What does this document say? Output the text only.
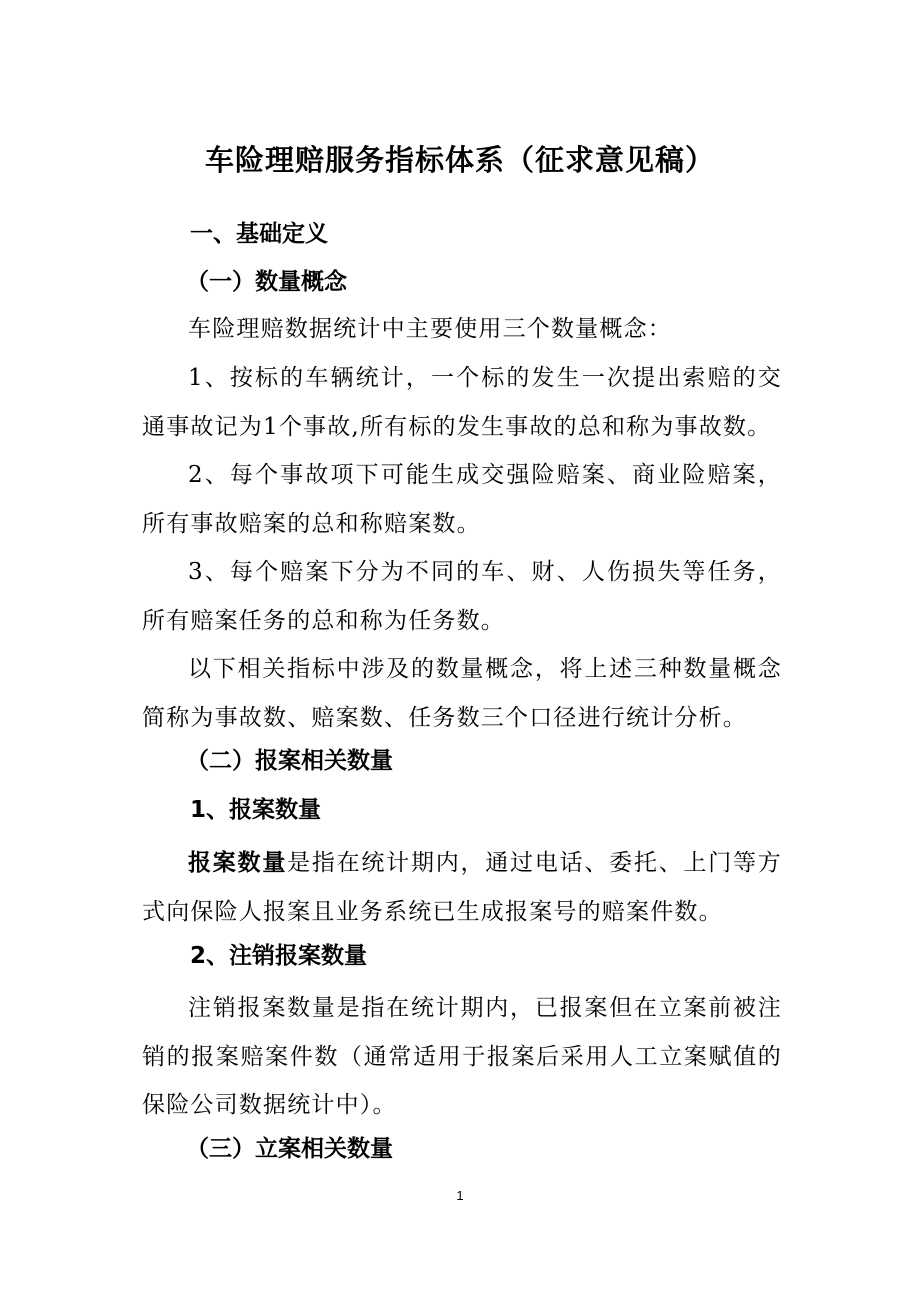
车险理赔服务指标体系（征求意见稿）
一、基础定义
（一）数量概念
车险理赔数据统计中主要使用三个数量概念：
1、按标的车辆统计，一个标的发生一次提出索赔的交通事故记为1个事故,所有标的发生事故的总和称为事故数。
2、每个事故项下可能生成交强险赔案、商业险赔案，所有事故赔案的总和称赔案数。
3、每个赔案下分为不同的车、财、人伤损失等任务，所有赔案任务的总和称为任务数。
以下相关指标中涉及的数量概念，将上述三种数量概念简称为事故数、赔案数、任务数三个口径进行统计分析。
（二）报案相关数量
1、报案数量
报案数量是指在统计期内，通过电话、委托、上门等方式向保险人报案且业务系统已生成报案号的赔案件数。
2、注销报案数量
注销报案数量是指在统计期内，已报案但在立案前被注销的报案赔案件数（通常适用于报案后采用人工立案赋值的保险公司数据统计中）。
（三）立案相关数量
1
